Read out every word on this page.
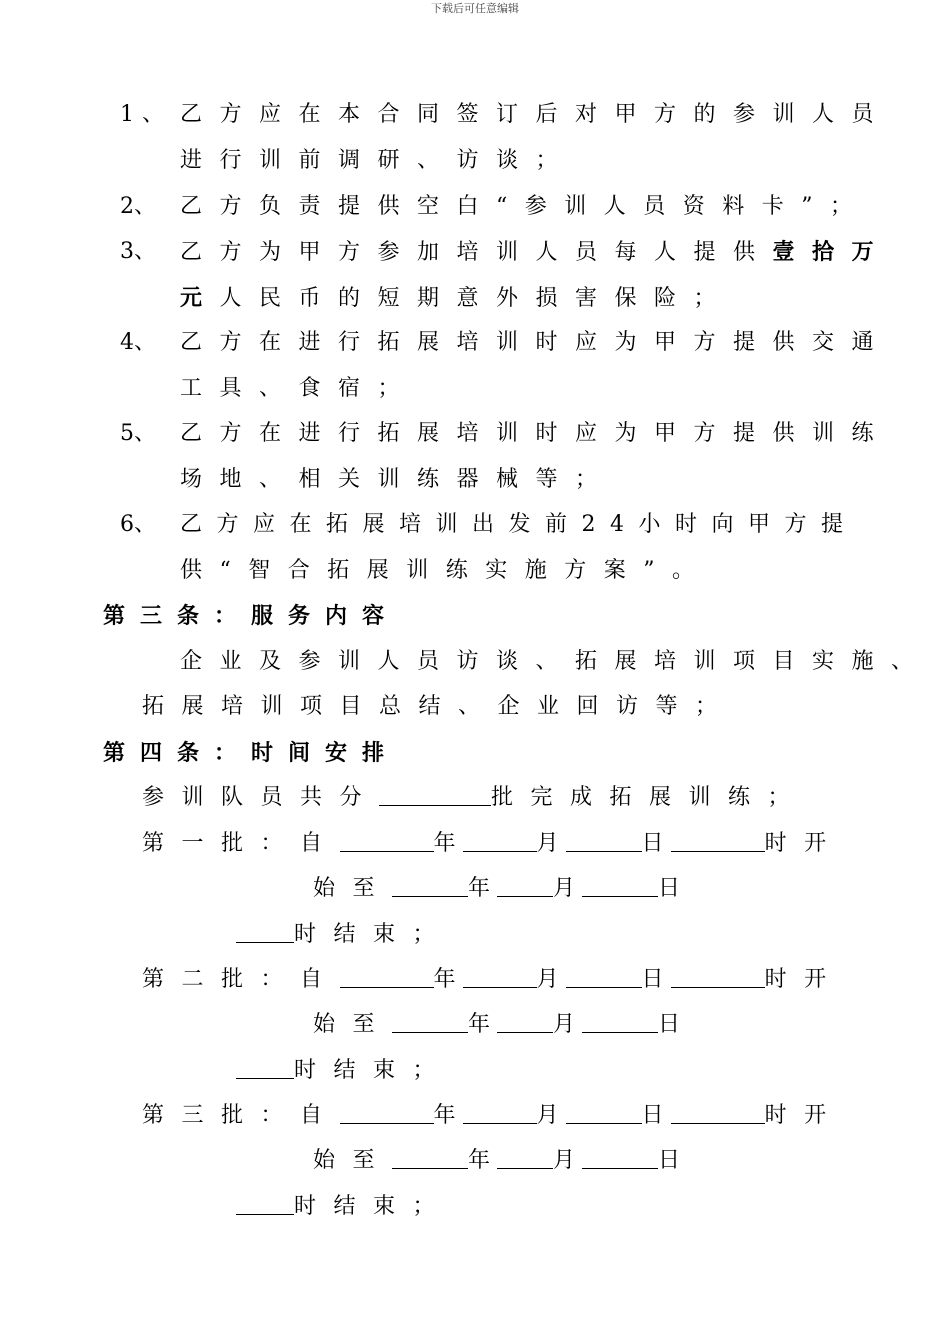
下载后可任意编辑
1、 乙方应在本合同签订后对甲方的参训人员
进行训前调研、访谈；
2、 乙方负责提供空白“参训人员资料卡”；
3、 乙方为甲方参加培训人员每人提供壹拾万
元人民币的短期意外损害保险；
4、 乙方在进行拓展培训时应为甲方提供交通
工具、食宿；
5、 乙方在进行拓展培训时应为甲方提供训练
场地、相关训练器械等；
6、 乙方应在拓展培训出发前24小时向甲方提
供“智合拓展训练实施方案”。
第三条：服务内容
企业及参训人员访谈、拓展培训项目实施、
拓展培训项目总结、企业回访等；
第四条：时间安排
参训队员共分	批完成拓展训练；
第一批：自	年	月	日	时开
始至	年	月	日
时结束；
第二批：自	年	月	日	时开
始至	年	月	日
时结束；
第三批：自	年	月	日	时开
始至	年	月	日
时结束；
